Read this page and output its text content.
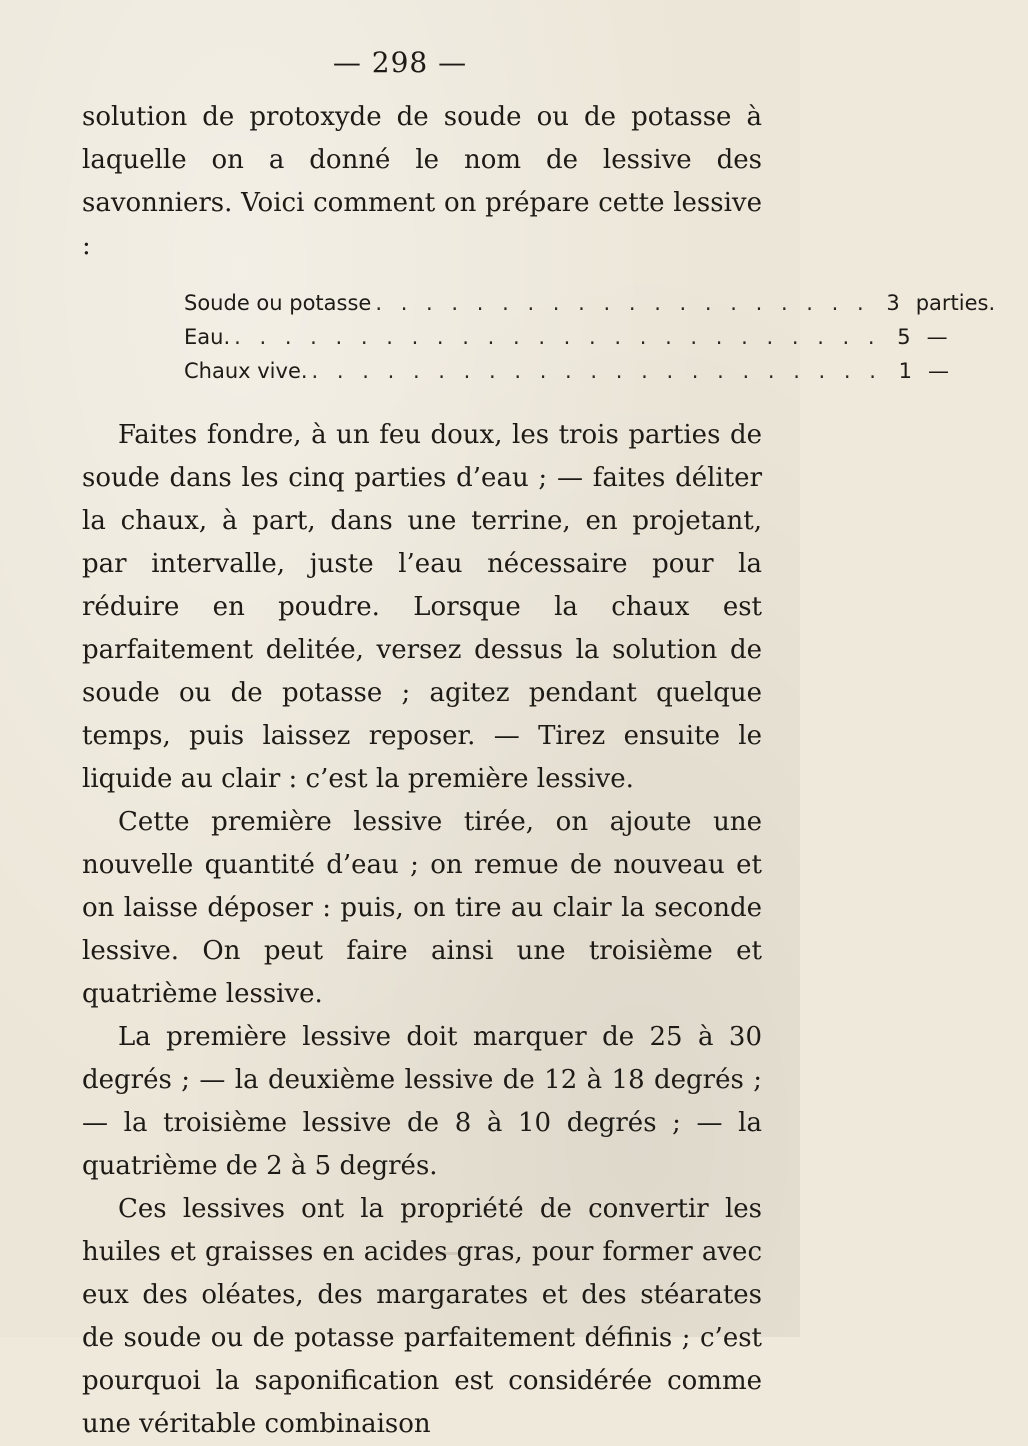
— 298 —

solution de protoxyde de soude ou de potasse à laquelle on a donné le nom de lessive des savonniers. Voici comment on prépare cette lessive :

Soude ou potasse . . . . . . . . . . . . . . . . . . . . 3 parties.
Eau. . . . . . . . . . . . . . . . . . . . . . . . . . . 5 —
Chaux vive. . . . . . . . . . . . . . . . . . . . . . . . 1 —

Faites fondre, à un feu doux, les trois parties de soude dans les cinq parties d’eau ; — faites déliter la chaux, à part, dans une terrine, en projetant, par intervalle, juste l’eau nécessaire pour la réduire en poudre. Lorsque la chaux est parfaitement delitée, versez dessus la solution de soude ou de potasse ; agitez pendant quelque temps, puis laissez reposer. — Tirez ensuite le liquide au clair : c’est la première lessive.

Cette première lessive tirée, on ajoute une nouvelle quantité d’eau ; on remue de nouveau et on laisse déposer : puis, on tire au clair la seconde lessive. On peut faire ainsi une troisième et quatrième lessive.

La première lessive doit marquer de 25 à 30 degrés ; — la deuxième lessive de 12 à 18 degrés ; — la troisième lessive de 8 à 10 degrés ; — la quatrième de 2 à 5 degrés.

Ces lessives ont la propriété de convertir les huiles et graisses en acides gras, pour former avec eux des oléates, des margarates et des stéarates de soude ou de potasse parfaitement définis ; c’est pourquoi la saponification est considérée comme une véritable combinaison
